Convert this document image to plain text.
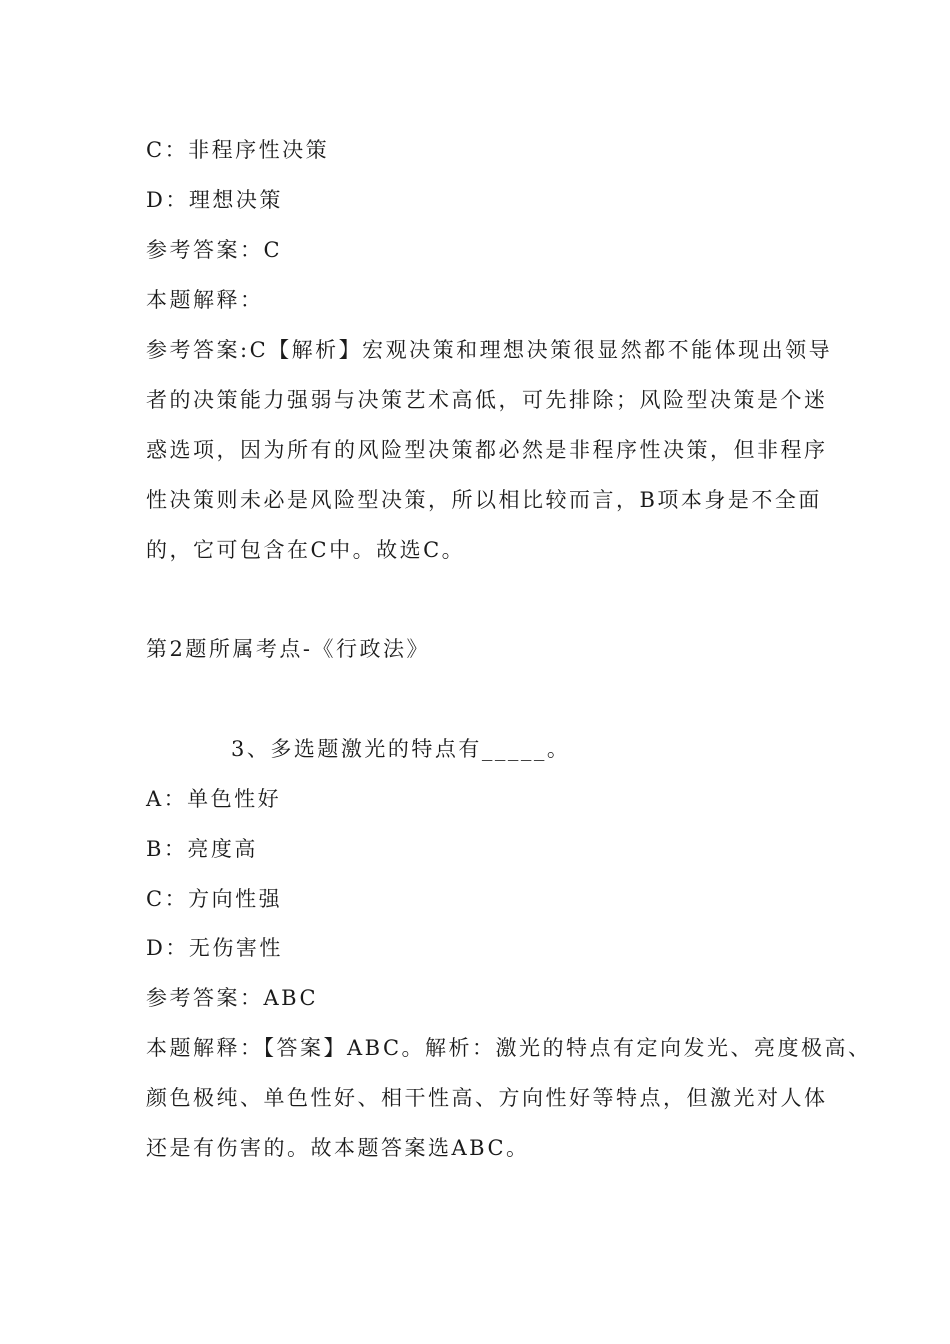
C：非程序性决策
D：理想决策
参考答案：C
本题解释：
参考答案:C【解析】宏观决策和理想决策很显然都不能体现出领导
者的决策能力强弱与决策艺术高低，可先排除；风险型决策是个迷
惑选项，因为所有的风险型决策都必然是非程序性决策，但非程序
性决策则未必是风险型决策，所以相比较而言，B项本身是不全面
的，它可包含在C中。故选C。
第2题所属考点-《行政法》
3、多选题激光的特点有_____。
A：单色性好
B：亮度高
C：方向性强
D：无伤害性
参考答案：ABC
本题解释：【答案】ABC。解析：激光的特点有定向发光、亮度极高、
颜色极纯、单色性好、相干性高、方向性好等特点，但激光对人体
还是有伤害的。故本题答案选ABC。
